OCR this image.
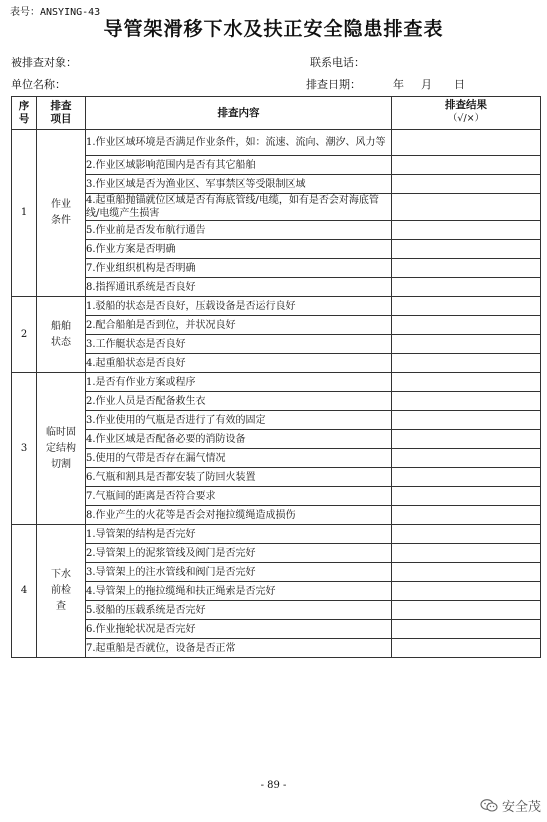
表号：ANSYING-43
导管架滑移下水及扶正安全隐患排查表
被排查对象：	联系电话：
单位名称：	排查日期：	年 月 日
序号	排查项目	排查内容	排查结果
（√/×）

1	作业条件	1.作业区域环境是否满足作业条件，如：流速、流向、潮汐、风力等	
		2.作业区域影响范围内是否有其它船舶	
		3.作业区域是否为渔业区、军事禁区等受限制区域	
		4.起重船抛锚就位区域是否有海底管线/电缆，如有是否会对海底管线/电缆产生损害	
		5.作业前是否发布航行通告	
		6.作业方案是否明确	
		7.作业组织机构是否明确	
		8.指挥通讯系统是否良好	
2	船舶状态	1.驳船的状态是否良好，压载设备是否运行良好	
		2.配合船舶是否到位，并状况良好	
		3.工作艇状态是否良好	
		4.起重船状态是否良好	
3	临时固定结构切割	1.是否有作业方案或程序	
		2.作业人员是否配备救生衣	
		3.作业使用的气瓶是否进行了有效的固定	
		4.作业区域是否配备必要的消防设备	
		5.使用的气带是否存在漏气情况	
		6.气瓶和割具是否都安装了防回火装置	
		7.气瓶间的距离是否符合要求	
		8.作业产生的火花等是否会对拖拉缆绳造成损伤	
4	下水前检查	1.导管架的结构是否完好	
		2.导管架上的泥浆管线及阀门是否完好	
		3.导管架上的注水管线和阀门是否完好	
		4.导管架上的拖拉缆绳和扶正绳索是否完好	
		5.驳船的压载系统是否完好	
		6.作业拖轮状况是否完好	
		7.起重船是否就位，设备是否正常	
- 89 -
安全茂
